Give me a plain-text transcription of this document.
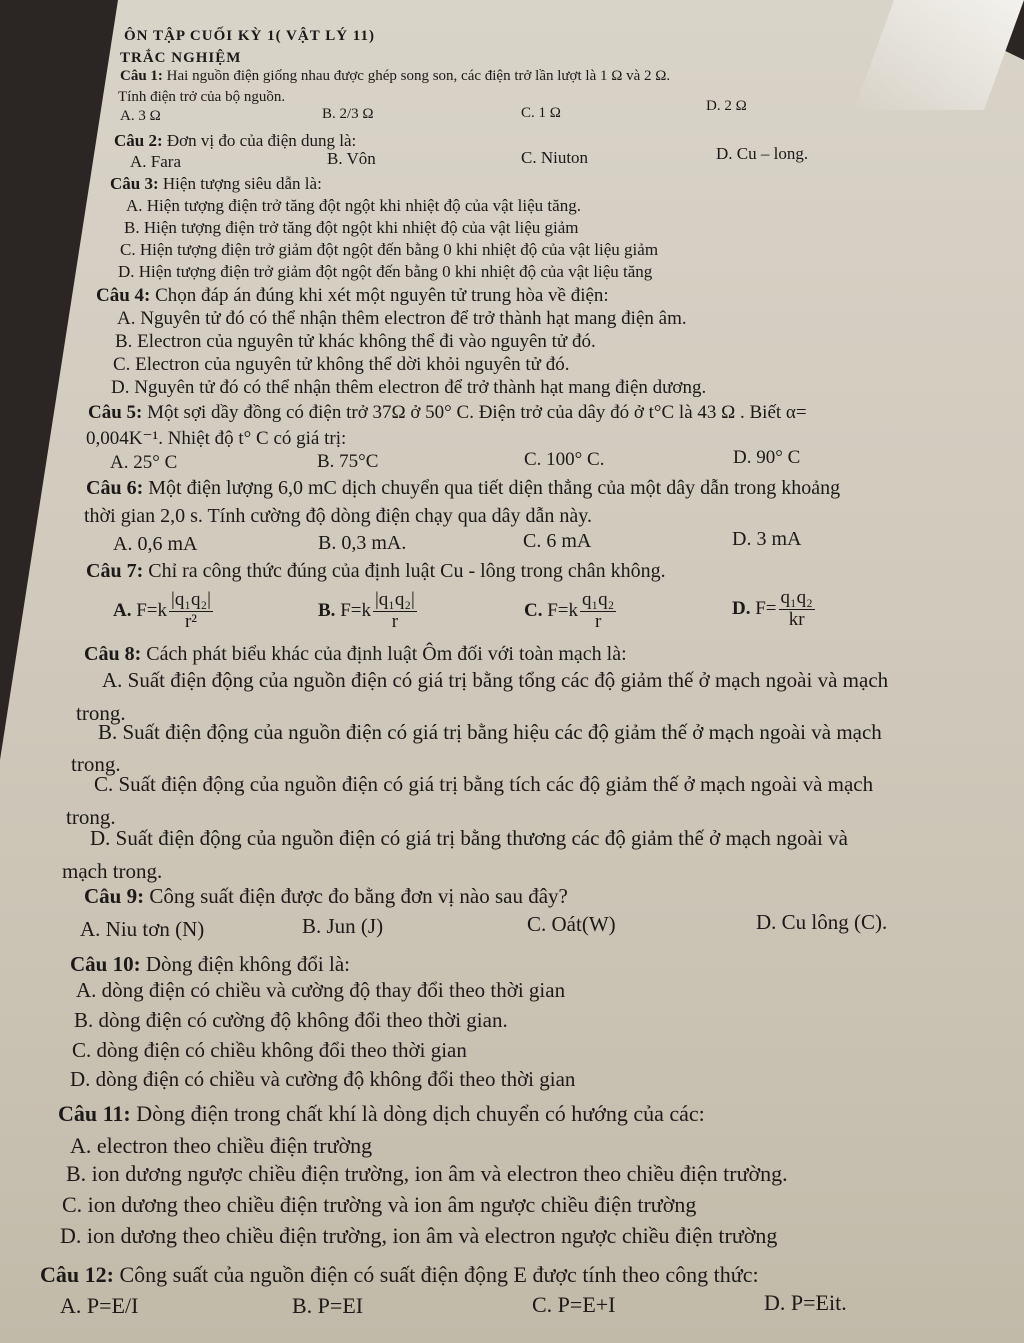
ÔN TẬP CUỐI KỲ 1( VẬT LÝ 11)
TRẮC NGHIỆM
Câu 1: Hai nguồn điện giống nhau được ghép song son, các điện trở lần lượt là 1 Ω và 2 Ω.
Tính điện trở của bộ nguồn.
A. 3 Ω	B. 2/3 Ω	C. 1 Ω	D. 2 Ω
Câu 2: Đơn vị đo của điện dung là:
A. Fara	B. Vôn	C. Niuton	D. Cu – long.
Câu 3: Hiện tượng siêu dẫn là:
A. Hiện tượng điện trở tăng đột ngột khi nhiệt độ của vật liệu tăng.
B. Hiện tượng điện trở tăng đột ngột khi nhiệt độ của vật liệu giảm
C. Hiện tượng điện trở giảm đột ngột đến bằng 0 khi nhiệt độ của vật liệu giảm
D. Hiện tượng điện trở giảm đột ngột đến bằng 0 khi nhiệt độ của vật liệu tăng
Câu 4: Chọn đáp án đúng khi xét một nguyên tử trung hòa về điện:
A. Nguyên tử đó có thể nhận thêm electron để trở thành hạt mang điện âm.
B. Electron của nguyên tử khác không thể đi vào nguyên tử đó.
C. Electron của nguyên tử không thể dời khỏi nguyên tử đó.
D. Nguyên tử đó có thể nhận thêm electron để trở thành hạt mang điện dương.
Câu 5: Một sợi dầy đồng có điện trở 37Ω ở 50° C. Điện trở của dây đó ở t°C là 43 Ω . Biết α=
0,004K⁻¹. Nhiệt độ t° C có giá trị:
A. 25° C	B. 75°C	C. 100° C.	D. 90° C
Câu 6: Một điện lượng 6,0 mC dịch chuyển qua tiết diện thẳng của một dây dẫn trong khoảng
thời gian 2,0 s. Tính cường độ dòng điện chạy qua dây dẫn này.
A. 0,6 mA	B. 0,3 mA.	C. 6 mA	D. 3 mA
Câu 7: Chỉ ra công thức đúng của định luật Cu - lông trong chân không.
A. $F=k \frac{\text{|q₁q₂|}}{\text{r²}}$	B. $F=k \frac{\text{|q₁q₂|}}{r}$	C. $F=k \frac{\text{q₁q₂}}{r}$	D. $F= \frac{\text{q₁q₂}}{kr}$
Câu 8: Cách phát biểu khác của định luật Ôm đối với toàn mạch là:
A. Suất điện động của nguồn điện có giá trị bằng tổng các độ giảm thế ở mạch ngoài và mạch
trong.
B. Suất điện động của nguồn điện có giá trị bằng hiệu các độ giảm thế ở mạch ngoài và mạch
trong.
C. Suất điện động của nguồn điện có giá trị bằng tích các độ giảm thế ở mạch ngoài và mạch
trong.
D. Suất điện động của nguồn điện có giá trị bằng thương các độ giảm thế ở mạch ngoài và
mạch trong.
Câu 9: Công suất điện được đo bằng đơn vị nào sau đây?
A. Niu tơn (N)	B. Jun (J)	C. Oát(W)	D. Cu lông (C).
Câu 10: Dòng điện không đổi là:
A. dòng điện có chiều và cường độ thay đổi theo thời gian
B. dòng điện có cường độ không đổi theo thời gian.
C. dòng điện có chiều không đổi theo thời gian
D. dòng điện có chiều và cường độ không đổi theo thời gian
Câu 11: Dòng điện trong chất khí là dòng dịch chuyển có hướng của các:
A. electron theo chiều điện trường
B. ion dương ngược chiều điện trường, ion âm và electron theo chiều điện trường.
C. ion dương theo chiều điện trường và ion âm ngược chiều điện trường
D. ion dương theo chiều điện trường, ion âm và electron ngược chiều điện trường
Câu 12: Công suất của nguồn điện có suất điện động E được tính theo công thức:
A. P=E/I	B. P=EI	C. P=E+I	D. P=Eit.
